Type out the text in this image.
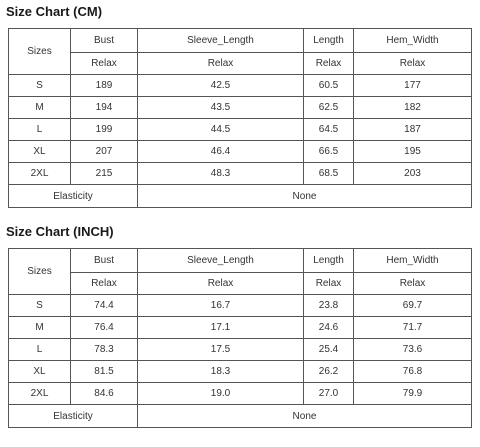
Size Chart (CM)
Sizes	Bust	Sleeve_Length	Length	Hem_Width
	Relax	Relax	Relax	Relax
S	189	42.5	60.5	177
M	194	43.5	62.5	182
L	199	44.5	64.5	187
XL	207	46.4	66.5	195
2XL	215	48.3	68.5	203
Elasticity		None		
Size Chart (INCH)
Sizes	Bust	Sleeve_Length	Length	Hem_Width
	Relax	Relax	Relax	Relax
S	74.4	16.7	23.8	69.7
M	76.4	17.1	24.6	71.7
L	78.3	17.5	25.4	73.6
XL	81.5	18.3	26.2	76.8
2XL	84.6	19.0	27.0	79.9
Elasticity		None		
